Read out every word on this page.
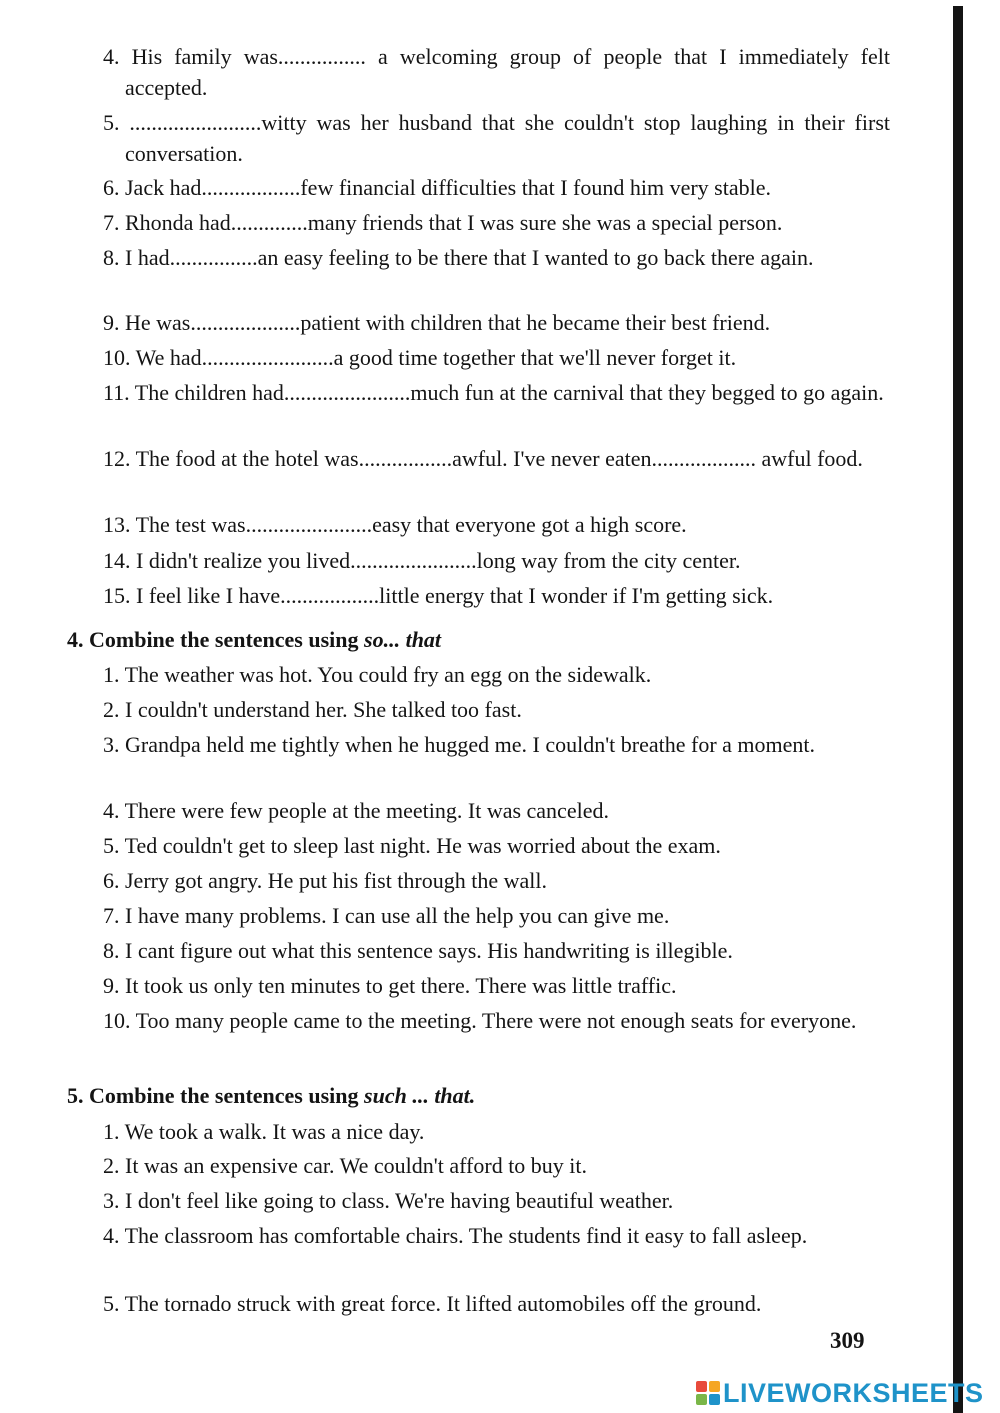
4. His family was................ a welcoming group of people that I immediately felt accepted.
5. ........................witty was her husband that she couldn't stop laughing in their first conversation.
6. Jack had..................few financial difficulties that I found him very stable.
7. Rhonda had..............many friends that I was sure she was a special person.
8. I had................an easy feeling to be there that I wanted to go back there again.
9. He was....................patient with children that he became their best friend.
10. We had........................a good time together that we'll never forget it.
11. The children had.......................much fun at the carnival that they begged to go again.
12. The food at the hotel was.................awful. I've never eaten................... awful food.
13. The test was.......................easy that everyone got a high score.
14. I didn't realize you lived.......................long way from the city center.
15. I feel like I have..................little energy that I wonder if I'm getting sick.
4. Combine the sentences using so... that
1. The weather was hot. You could fry an egg on the sidewalk.
2. I couldn't understand her. She talked too fast.
3. Grandpa held me tightly when he hugged me. I couldn't breathe for a moment.
4. There were few people at the meeting. It was canceled.
5. Ted couldn't get to sleep last night. He was worried about the exam.
6. Jerry got angry. He put his fist through the wall.
7. I have many problems. I can use all the help you can give me.
8. I cant figure out what this sentence says. His handwriting is illegible.
9. It took us only ten minutes to get there. There was little traffic.
10. Too many people came to the meeting. There were not enough seats for everyone.
5. Combine the sentences using such ... that.
1. We took a walk. It was a nice day.
2. It was an expensive car. We couldn't afford to buy it.
3. I don't feel like going to class. We're having beautiful weather.
4. The classroom has comfortable chairs. The students find it easy to fall asleep.
5. The tornado struck with great force. It lifted automobiles off the ground.
309
LIVEWORKSHEETS
